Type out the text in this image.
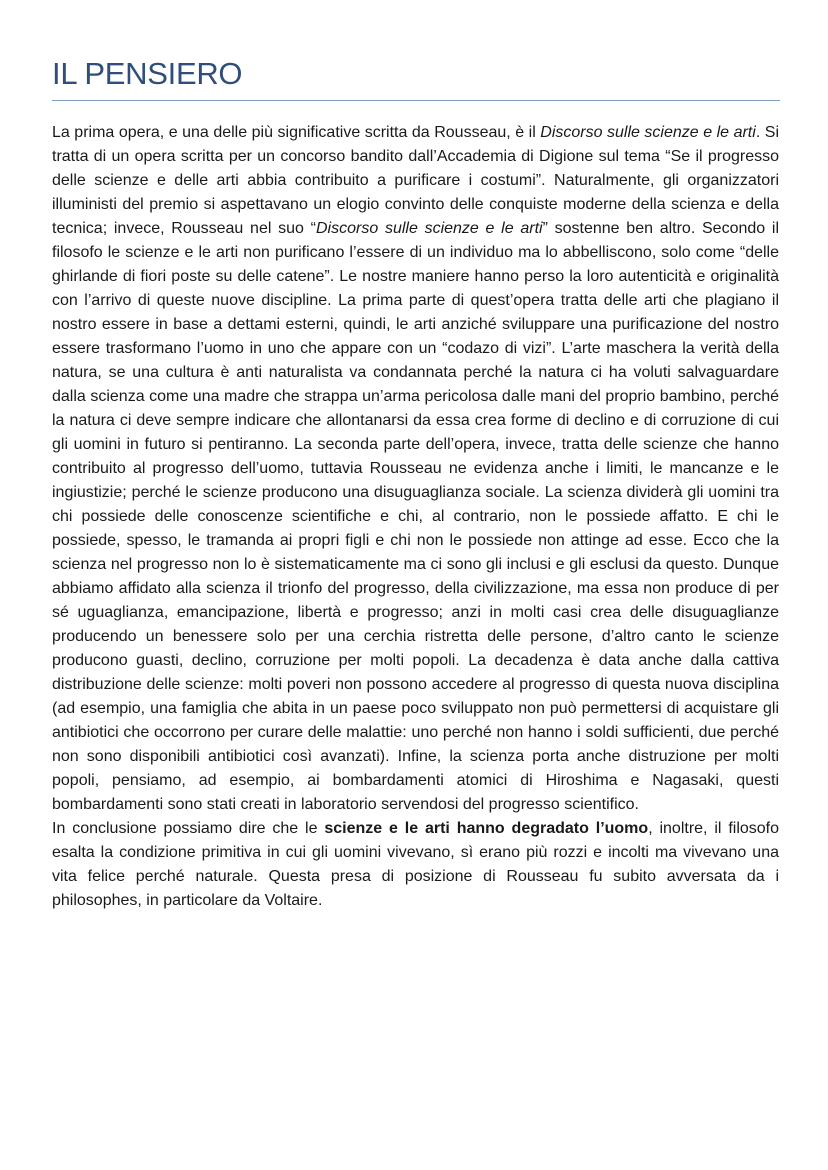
IL PENSIERO

La prima opera, e una delle più significative scritta da Rousseau, è il Discorso sulle scienze e le arti. Si tratta di un opera scritta per un concorso bandito dall’Accademia di Digione sul tema “Se il progresso delle scienze e delle arti abbia contribuito a purificare i costumi”. Naturalmente, gli organizzatori illuministi del premio si aspettavano un elogio convinto delle conquiste moderne della scienza e della tecnica; invece, Rousseau nel suo “Discorso sulle scienze e le arti” sostenne ben altro. Secondo il filosofo le scienze e le arti non purificano l’essere di un individuo ma lo abbelliscono, solo come “delle ghirlande di fiori poste su delle catene”. Le nostre maniere hanno perso la loro autenticità e originalità con l’arrivo di queste nuove discipline. La prima parte di quest’opera tratta delle arti che plagiano il nostro essere in base a dettami esterni, quindi, le arti anziché sviluppare una purificazione del nostro essere trasformano l’uomo in uno che appare con un “codazo di vizi”. L’arte maschera la verità della natura, se una cultura è anti naturalista va condannata perché la natura ci ha voluti salvaguardare dalla scienza come una madre che strappa un’arma pericolosa dalle mani del proprio bambino, perché la natura ci deve sempre indicare che allontanarsi da essa crea forme di declino e di corruzione di cui gli uomini in futuro si pentiranno. La seconda parte dell’opera, invece, tratta delle scienze che hanno contribuito al progresso dell’uomo, tuttavia Rousseau ne evidenza anche i limiti, le mancanze e le ingiustizie; perché le scienze producono una disuguaglianza sociale. La scienza dividerà gli uomini tra chi possiede delle conoscenze scientifiche e chi, al contrario, non le possiede affatto. E chi le possiede, spesso, le tramanda ai propri figli e chi non le possiede non attinge ad esse. Ecco che la scienza nel progresso non lo è sistematicamente ma ci sono gli inclusi e gli esclusi da questo. Dunque abbiamo affidato alla scienza il trionfo del progresso, della civilizzazione, ma essa non produce di per sé uguaglianza, emancipazione, libertà e progresso; anzi in molti casi crea delle disuguaglianze producendo un benessere solo per una cerchia ristretta delle persone, d’altro canto le scienze producono guasti, declino, corruzione per molti popoli. La decadenza è data anche dalla cattiva distribuzione delle scienze: molti poveri non possono accedere al progresso di questa nuova disciplina (ad esempio, una famiglia che abita in un paese poco sviluppato non può permettersi di acquistare gli antibiotici che occorrono per curare delle malattie: uno perché non hanno i soldi sufficienti, due perché non sono disponibili antibiotici così avanzati). Infine, la scienza porta anche distruzione per molti popoli, pensiamo, ad esempio, ai bombardamenti atomici di Hiroshima e Nagasaki, questi bombardamenti sono stati creati in laboratorio servendosi del progresso scientifico.

In conclusione possiamo dire che le scienze e le arti hanno degradato l’uomo, inoltre, il filosofo esalta la condizione primitiva in cui gli uomini vivevano, sì erano più rozzi e incolti ma vivevano una vita felice perché naturale. Questa presa di posizione di Rousseau fu subito avversata da i philosophes, in particolare da Voltaire.
